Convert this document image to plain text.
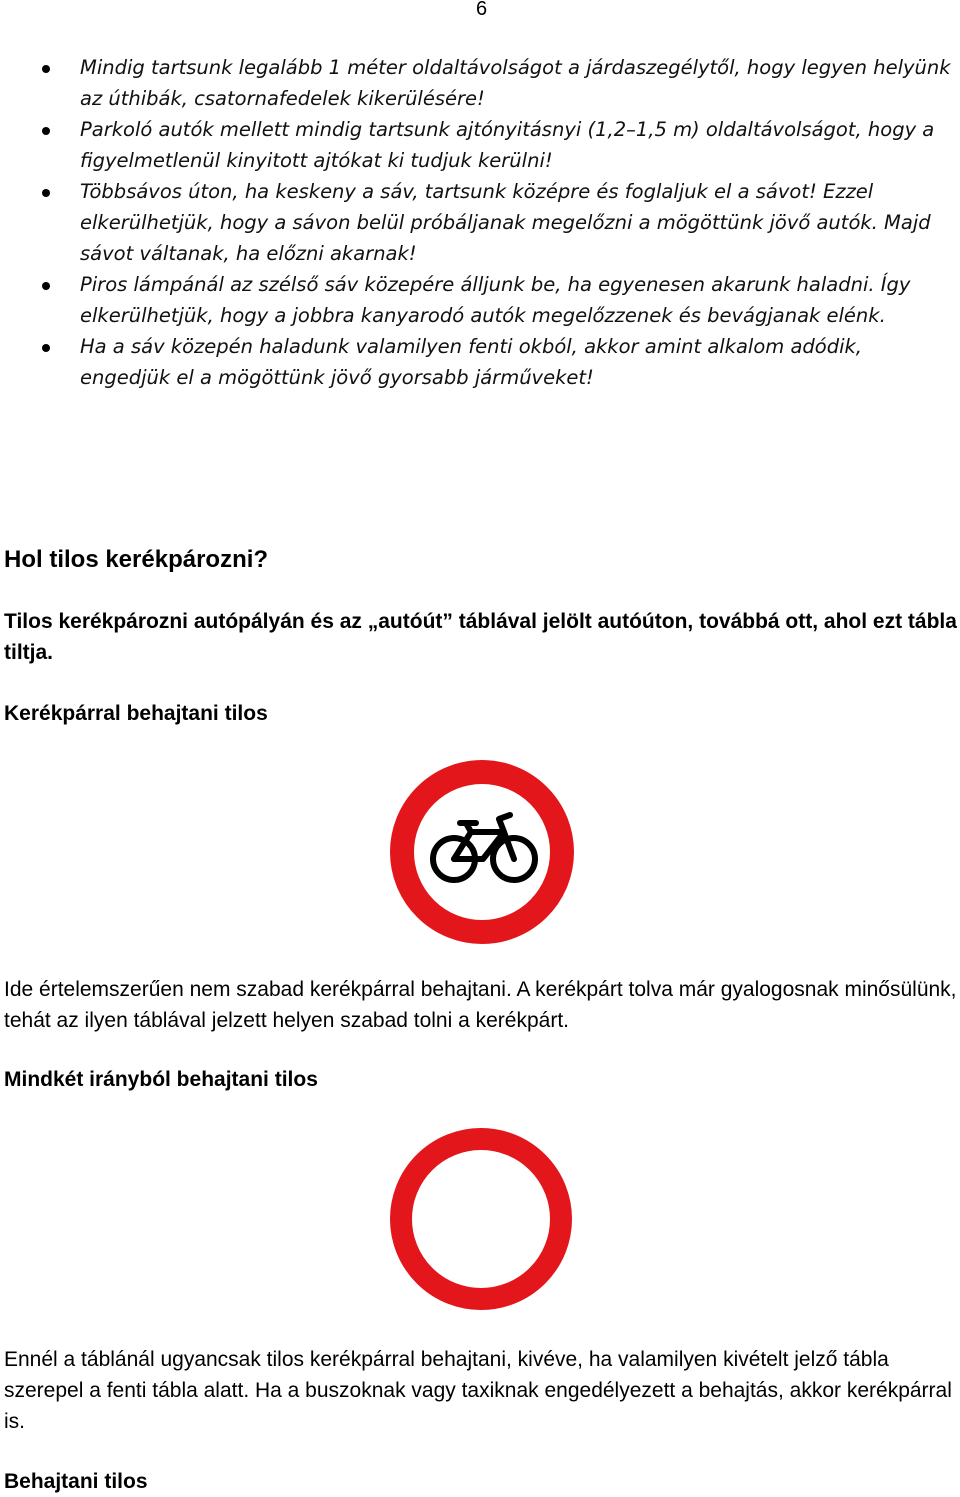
6
Mindig tartsunk legalább 1 méter oldaltávolságot a járdaszegélytől, hogy legyen helyünk az úthibák, csatornafedelek kikerülésére!
Parkoló autók mellett mindig tartsunk ajtónyitásnyi (1,2–1,5 m) oldaltávolságot, hogy a figyelmetlenül kinyitott ajtókat ki tudjuk kerülni!
Többsávos úton, ha keskeny a sáv, tartsunk középre és foglaljuk el a sávot! Ezzel elkerülhetjük, hogy a sávon belül próbáljanak megelőzni a mögöttünk jövő autók. Majd sávot váltanak, ha előzni akarnak!
Piros lámpánál az szélső sáv közepére álljunk be, ha egyenesen akarunk haladni. Így elkerülhetjük, hogy a jobbra kanyarodó autók megelőzzenek és bevágjanak elénk.
Ha a sáv közepén haladunk valamilyen fenti okból, akkor amint alkalom adódik, engedjük el a mögöttünk jövő gyorsabb járműveket!
Hol tilos kerékpározni?
Tilos kerékpározni autópályán és az „autóút” táblával jelölt autóúton, továbbá ott, ahol ezt tábla tiltja.
Kerékpárral behajtani tilos
Ide értelemszerűen nem szabad kerékpárral behajtani. A kerékpárt tolva már gyalogosnak minősülünk, tehát az ilyen táblával jelzett helyen szabad tolni a kerékpárt.
Mindkét irányból behajtani tilos
Ennél a táblánál ugyancsak tilos kerékpárral behajtani, kivéve, ha valamilyen kivételt jelző tábla szerepel a fenti tábla alatt. Ha a buszoknak vagy taxiknak engedélyezett a behajtás, akkor kerékpárral is.
Behajtani tilos
